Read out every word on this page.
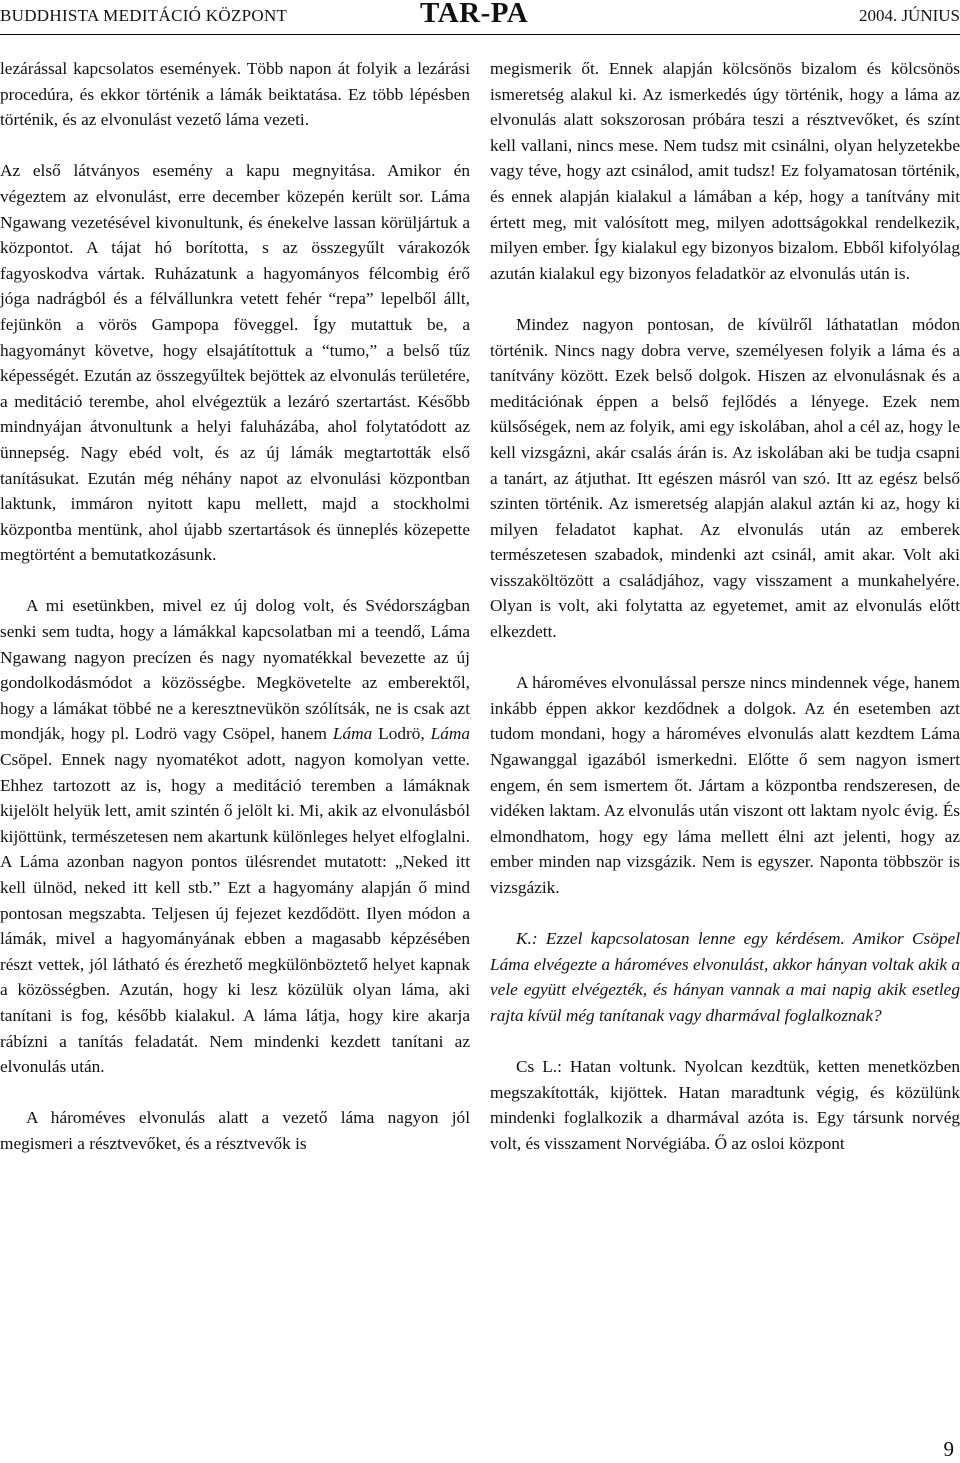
BUDDHISTA MEDITÁCIÓ KÖZPONT	TAR-PA	2004. JÚNIUS

lezárással kapcsolatos események. Több napon át folyik a lezárási procedúra, és ekkor történik a lámák beiktatása. Ez több lépésben történik, és az elvonulást vezető láma vezeti.

Az első látványos esemény a kapu megnyitása. Amikor én végeztem az elvonulást, erre december közepén került sor. Láma Ngawang vezetésével kivonultunk, és énekelve lassan körüljártuk a központot. A tájat hó borította, s az összegyűlt várakozók fagyoskodva vártak. Ruházatunk a hagyományos félcombig érő jóga nadrágból és a félvállunkra vetett fehér “repa” lepelből állt, fejünkön a vörös Gampopa föveggel. Így mutattuk be, a hagyományt követve, hogy elsajátítottuk a “tumo,” a belső tűz képességét. Ezután az összegyűltek bejöttek az elvonulás területére, a meditáció terembe, ahol elvégeztük a lezáró szertartást. Később mindnyájan átvonultunk a helyi faluházába, ahol folytatódott az ünnepség. Nagy ebéd volt, és az új lámák megtartották első tanításukat. Ezután még néhány napot az elvonulási központban laktunk, immáron nyitott kapu mellett, majd a stockholmi központba mentünk, ahol újabb szertartások és ünneplés közepette megtörtént a bemutatkozásunk.

A mi esetünkben, mivel ez új dolog volt, és Svédországban senki sem tudta, hogy a lámákkal kapcsolatban mi a teendő, Láma Ngawang nagyon precízen és nagy nyomatékkal bevezette az új gondolkodásmódot a közösségbe. Megkövetelte az emberektől, hogy a lámákat többé ne a keresztnevükön szólítsák, ne is csak azt mondják, hogy pl. Lodrö vagy Csöpel, hanem Láma Lodrö, Láma Csöpel. Ennek nagy nyomatékot adott, nagyon komolyan vette. Ehhez tartozott az is, hogy a meditáció teremben a lámáknak kijelölt helyük lett, amit szintén ő jelölt ki. Mi, akik az elvonulásból kijöttünk, természetesen nem akartunk különleges helyet elfoglalni. A Láma azonban nagyon pontos ülésrendet mutatott: „Neked itt kell ülnöd, neked itt kell stb.” Ezt a hagyomány alapján ő mind pontosan megszabta. Teljesen új fejezet kezdődött. Ilyen módon a lámák, mivel a hagyományának ebben a magasabb képzésében részt vettek, jól látható és érezhető megkülönböztető helyet kapnak a közösségben. Azután, hogy ki lesz közülük olyan láma, aki tanítani is fog, később kialakul. A láma látja, hogy kire akarja rábízni a tanítás feladatát. Nem mindenki kezdett tanítani az elvonulás után.

A hároméves elvonulás alatt a vezető láma nagyon jól megismeri a résztvevőket, és a résztvevők is

megismerik őt. Ennek alapján kölcsönös bizalom és kölcsönös ismeretség alakul ki. Az ismerkedés úgy történik, hogy a láma az elvonulás alatt sokszorosan próbára teszi a résztvevőket, és színt kell vallani, nincs mese. Nem tudsz mit csinálni, olyan helyzetekbe vagy téve, hogy azt csinálod, amit tudsz! Ez folyamatosan történik, és ennek alapján kialakul a lámában a kép, hogy a tanítvány mit értett meg, mit valósított meg, milyen adottságokkal rendelkezik, milyen ember. Így kialakul egy bizonyos bizalom. Ebből kifolyólag azután kialakul egy bizonyos feladatkör az elvonulás után is.

Mindez nagyon pontosan, de kívülről láthatatlan módon történik. Nincs nagy dobra verve, személyesen folyik a láma és a tanítvány között. Ezek belső dolgok. Hiszen az elvonulásnak és a meditációnak éppen a belső fejlődés a lényege. Ezek nem külsőségek, nem az folyik, ami egy iskolában, ahol a cél az, hogy le kell vizsgázni, akár csalás árán is. Az iskolában aki be tudja csapni a tanárt, az átjuthat. Itt egészen másról van szó. Itt az egész belső szinten történik. Az ismeretség alapján alakul aztán ki az, hogy ki milyen feladatot kaphat. Az elvonulás után az emberek természetesen szabadok, mindenki azt csinál, amit akar. Volt aki visszaköltözött a családjához, vagy visszament a munkahelyére. Olyan is volt, aki folytatta az egyetemet, amit az elvonulás előtt elkezdett.

A hároméves elvonulással persze nincs mindennek vége, hanem inkább éppen akkor kezdődnek a dolgok. Az én esetemben azt tudom mondani, hogy a hároméves elvonulás alatt kezdtem Láma Ngawanggal igazából ismerkedni. Előtte ő sem nagyon ismert engem, én sem ismertem őt. Jártam a központba rendszeresen, de vidéken laktam. Az elvonulás után viszont ott laktam nyolc évig. És elmondhatom, hogy egy láma mellett élni azt jelenti, hogy az ember minden nap vizsgázik. Nem is egyszer. Naponta többször is vizsgázik.

K.: Ezzel kapcsolatosan lenne egy kérdésem. Amikor Csöpel Láma elvégezte a hároméves elvonulást, akkor hányan voltak akik a vele együtt elvégezték, és hányan vannak a mai napig akik esetleg rajta kívül még tanítanak vagy dharmával foglalkoznak?

Cs L.: Hatan voltunk. Nyolcan kezdtük, ketten menetközben megszakították, kijöttek. Hatan maradtunk végig, és közülünk mindenki foglalkozik a dharmával azóta is. Egy társunk norvég volt, és visszament Norvégiába. Ő az osloi központ

9
